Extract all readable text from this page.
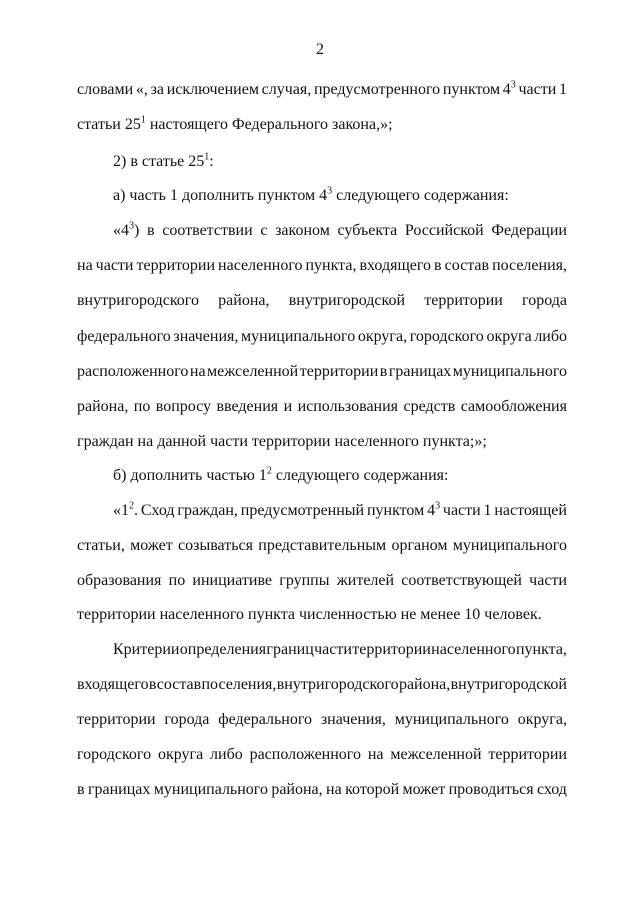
2
словами «, за исключением случая, предусмотренного пунктом $4^3$ части 1
статьи $25^1$ настоящего Федерального закона,»;
2) в статье $25^1$:
а) часть 1 дополнить пунктом $4^3$ следующего содержания:
«$4^3$) в соответствии с законом субъекта Российской Федерации
на части территории населенного пункта, входящего в состав поселения,
внутригородского района, внутригородской территории города
федерального значения, муниципального округа, городского округа либо
расположенного на межселенной территории в границах муниципального
района, по вопросу введения и использования средств самообложения
граждан на данной части территории населенного пункта;»;
б) дополнить частью $1^2$ следующего содержания:
«$1^2$. Сход граждан, предусмотренный пунктом $4^3$ части 1 настоящей
статьи, может созываться представительным органом муниципального
образования по инициативе группы жителей соответствующей части
территории населенного пункта численностью не менее 10 человек.
Критерии определения границ части территории населенного пункта,
входящего в состав поселения, внутригородского района, внутригородской
территории города федерального значения, муниципального округа,
городского округа либо расположенного на межселенной территории
в границах муниципального района, на которой может проводиться сход
